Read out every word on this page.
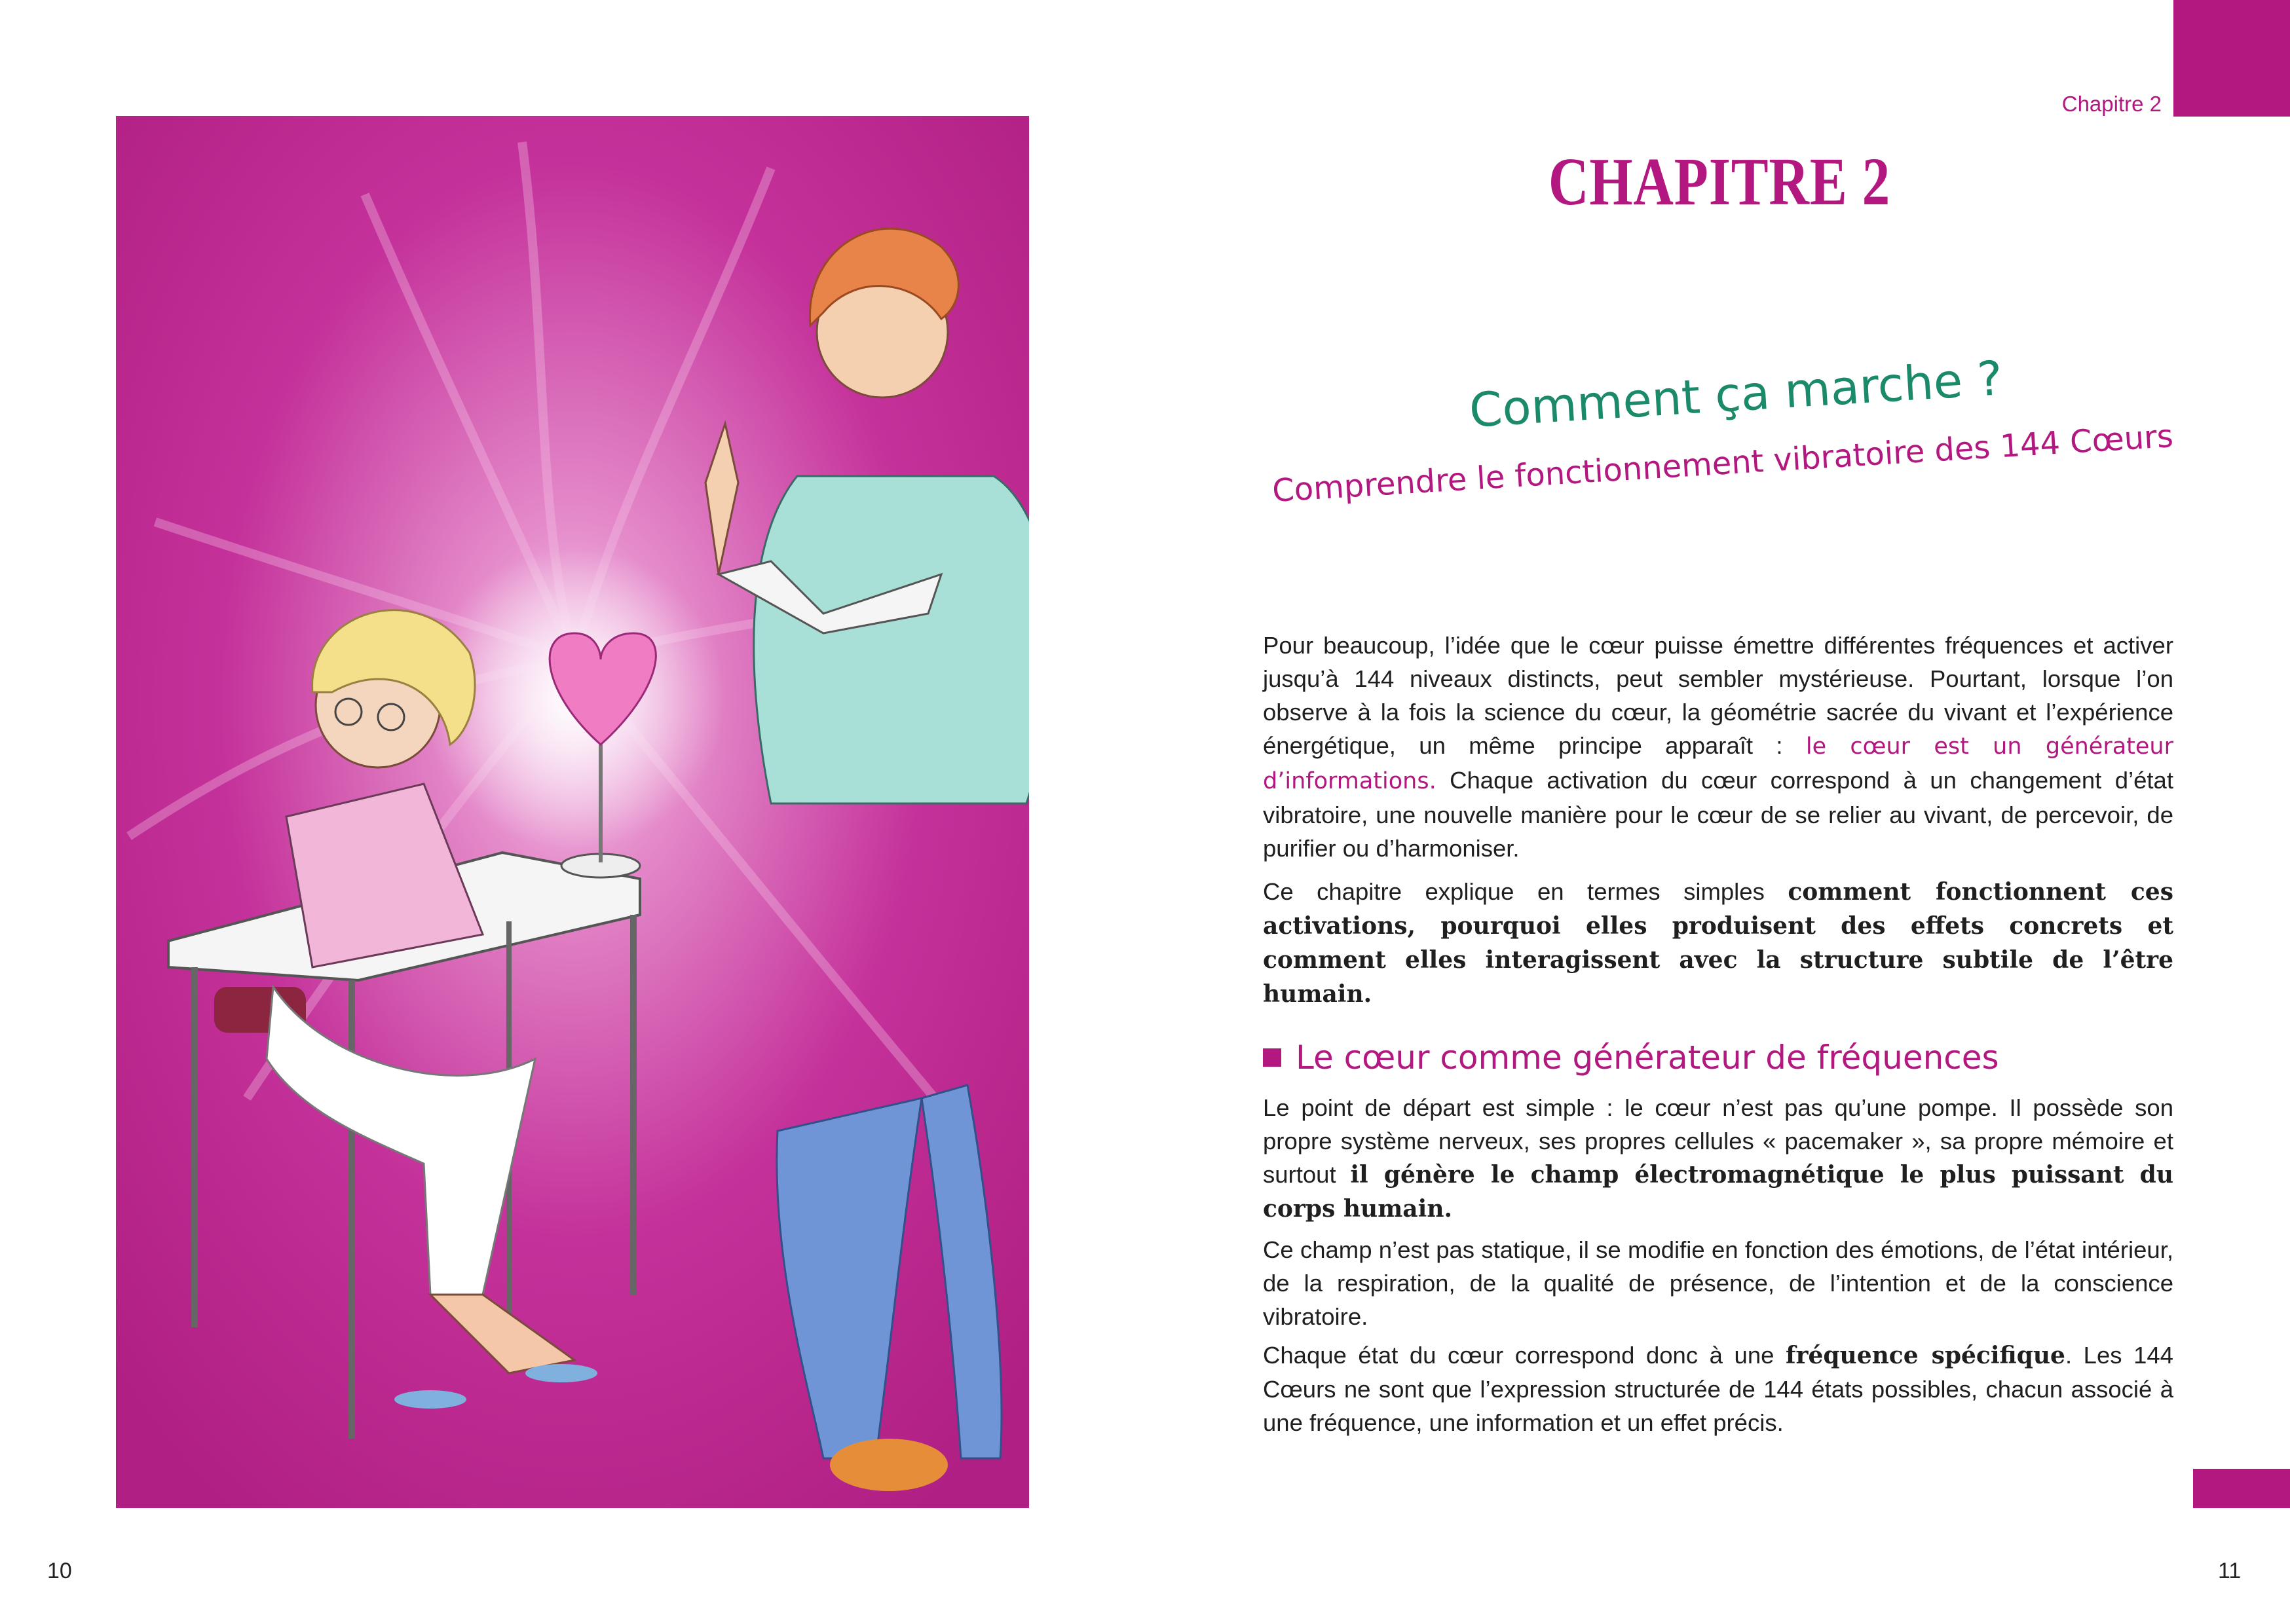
10
Chapitre 2
CHAPITRE 2
Comment ça marche ?
Comprendre le fonctionnement vibratoire des 144 Cœurs

Pour beaucoup, l’idée que le cœur puisse émettre différentes fréquences et activer jusqu’à 144 niveaux distincts, peut sembler mystérieuse. Pourtant, lorsque l’on observe à la fois la science du cœur, la géométrie sacrée du vivant et l’expérience énergétique, un même principe apparaît : le cœur est un générateur d’informations. Chaque activation du cœur correspond à un changement d’état vibratoire, une nouvelle manière pour le cœur de se relier au vivant, de percevoir, de purifier ou d’harmoniser.

Ce chapitre explique en termes simples comment fonctionnent ces activations, pourquoi elles produisent des effets concrets et comment elles interagissent avec la structure subtile de l’être humain.

Le cœur comme générateur de fréquences

Le point de départ est simple : le cœur n’est pas qu’une pompe. Il possède son propre système nerveux, ses propres cellules « pacemaker », sa propre mémoire et surtout il génère le champ électromagnétique le plus puissant du corps humain.

Ce champ n’est pas statique, il se modifie en fonction des émotions, de l’état intérieur, de la respiration, de la qualité de présence, de l’intention et de la conscience vibratoire.

Chaque état du cœur correspond donc à une fréquence spécifique. Les 144 Cœurs ne sont que l’expression structurée de 144 états possibles, chacun associé à une fréquence, une information et un effet précis.

11
